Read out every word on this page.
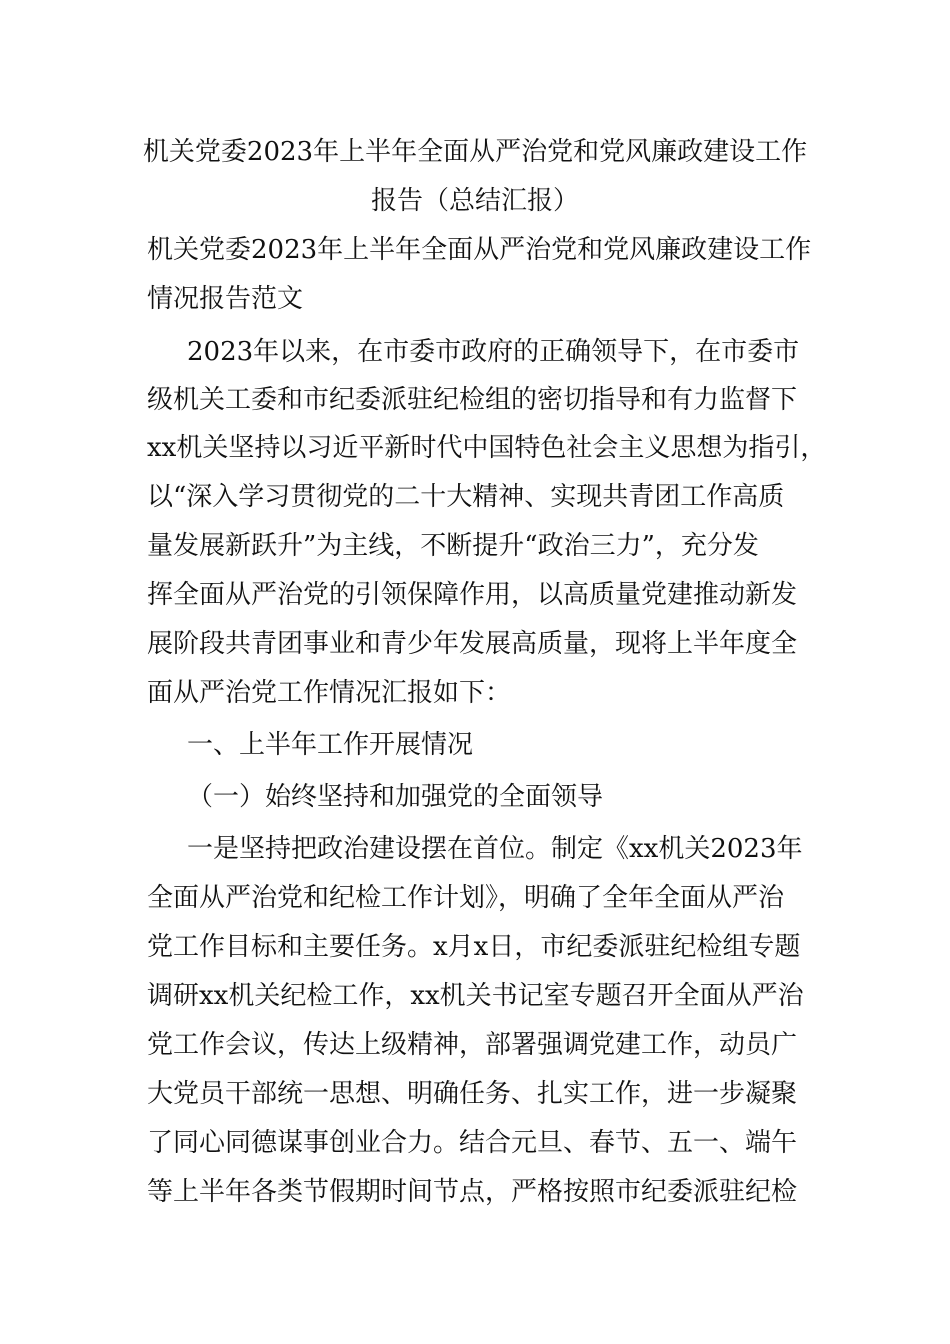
机关党委2023年上半年全面从严治党和党风廉政建设工作
报告（总结汇报）
机关党委2023年上半年全面从严治党和党风廉政建设工作
情况报告范文
2023年以来，在市委市政府的正确领导下，在市委市
级机关工委和市纪委派驻纪检组的密切指导和有力监督下
xx机关坚持以习近平新时代中国特色社会主义思想为指引，
以“深入学习贯彻党的二十大精神、实现共青团工作高质
量发展新跃升”为主线，不断提升“政治三力”，充分发
挥全面从严治党的引领保障作用，以高质量党建推动新发
展阶段共青团事业和青少年发展高质量，现将上半年度全
面从严治党工作情况汇报如下：
一、上半年工作开展情况
（一）始终坚持和加强党的全面领导
一是坚持把政治建设摆在首位。制定《xx机关2023年
全面从严治党和纪检工作计划》，明确了全年全面从严治
党工作目标和主要任务。x月x日，市纪委派驻纪检组专题
调研xx机关纪检工作，xx机关书记室专题召开全面从严治
党工作会议，传达上级精神，部署强调党建工作，动员广
大党员干部统一思想、明确任务、扎实工作，进一步凝聚
了同心同德谋事创业合力。结合元旦、春节、五一、端午
等上半年各类节假期时间节点，严格按照市纪委派驻纪检
